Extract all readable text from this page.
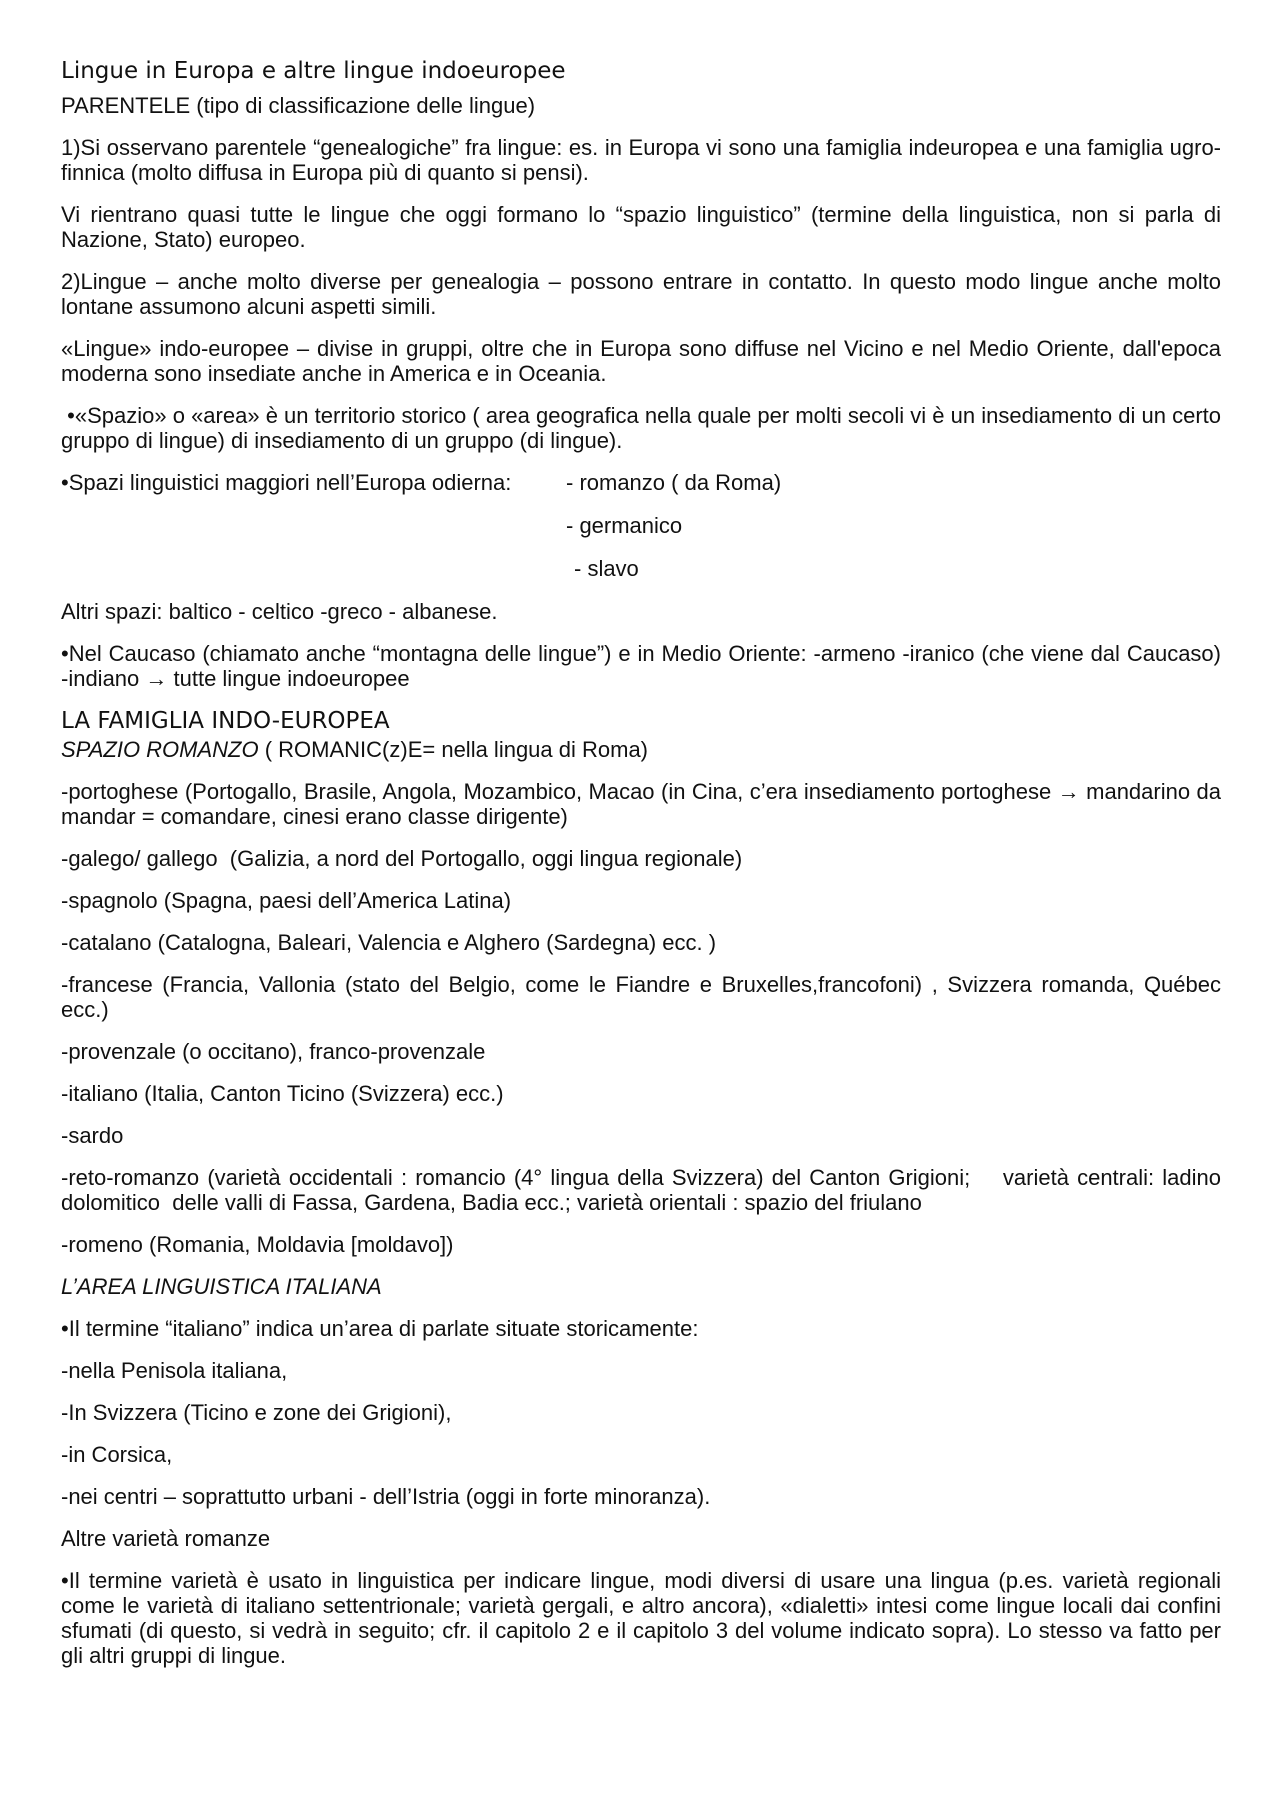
Lingue in Europa e altre lingue indoeuropee
PARENTELE (tipo di classificazione delle lingue)

1)Si osservano parentele “genealogiche” fra lingue: es. in Europa vi sono una famiglia indeuropea e una famiglia ugro-finnica (molto diffusa in Europa più di quanto si pensi).

Vi rientrano quasi tutte le lingue che oggi formano lo “spazio linguistico” (termine della linguistica, non si parla di Nazione, Stato) europeo.

2)Lingue – anche molto diverse per genealogia – possono entrare in contatto. In questo modo lingue anche molto lontane assumono alcuni aspetti simili.

«Lingue» indo-europee – divise in gruppi, oltre che in Europa sono diffuse nel Vicino e nel Medio Oriente, dall'epoca moderna sono insediate anche in America e in Oceania.

•«Spazio» o «area» è un territorio storico ( area geografica nella quale per molti secoli vi è un insediamento di un certo gruppo di lingue) di insediamento di un gruppo (di lingue).

•Spazi linguistici maggiori nell’Europa odierna: - romanzo ( da Roma)
- germanico
- slavo

Altri spazi: baltico - celtico -greco - albanese.

•Nel Caucaso (chiamato anche “montagna delle lingue”) e in Medio Oriente: -armeno -iranico (che viene dal Caucaso) -indiano → tutte lingue indoeuropee

LA FAMIGLIA INDO-EUROPEA
SPAZIO ROMANZO ( ROMANIC(z)E= nella lingua di Roma)

-portoghese (Portogallo, Brasile, Angola, Mozambico, Macao (in Cina, c’era insediamento portoghese → mandarino da mandar = comandare, cinesi erano classe dirigente)

-galego/ gallego  (Galizia, a nord del Portogallo, oggi lingua regionale)

-spagnolo (Spagna, paesi dell’America Latina)

-catalano (Catalogna, Baleari, Valencia e Alghero (Sardegna) ecc. )

-francese (Francia, Vallonia (stato del Belgio, come le Fiandre e Bruxelles,francofoni) , Svizzera romanda, Québec ecc.)

-provenzale (o occitano), franco-provenzale

-italiano (Italia, Canton Ticino (Svizzera) ecc.)

-sardo

-reto-romanzo (varietà occidentali : romancio (4° lingua della Svizzera) del Canton Grigioni;    varietà centrali: ladino dolomitico  delle valli di Fassa, Gardena, Badia ecc.; varietà orientali : spazio del friulano

-romeno (Romania, Moldavia [moldavo])

L’AREA LINGUISTICA ITALIANA

•Il termine “italiano” indica un’area di parlate situate storicamente:

-nella Penisola italiana,

-In Svizzera (Ticino e zone dei Grigioni),

-in Corsica,

-nei centri – soprattutto urbani - dell’Istria (oggi in forte minoranza).

Altre varietà romanze

•Il termine varietà è usato in linguistica per indicare lingue, modi diversi di usare una lingua (p.es. varietà regionali come le varietà di italiano settentrionale; varietà gergali, e altro ancora), «dialetti» intesi come lingue locali dai confini sfumati (di questo, si vedrà in seguito; cfr. il capitolo 2 e il capitolo 3 del volume indicato sopra). Lo stesso va fatto per gli altri gruppi di lingue.
